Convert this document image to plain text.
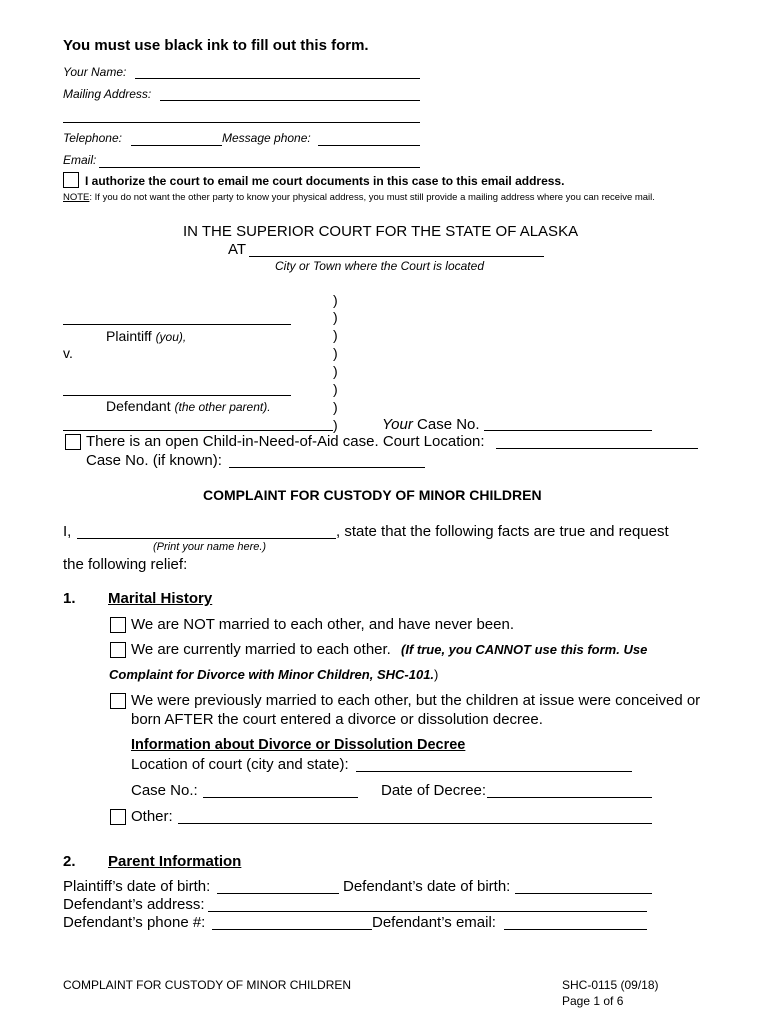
You must use black ink to fill out this form.
Your Name:
Mailing Address:
Telephone:	Message phone:
Email:
I authorize the court to email me court documents in this case to this email address.
NOTE: If you do not want the other party to know your physical address, you must still provide a mailing address where you can receive mail.
IN THE SUPERIOR COURT FOR THE STATE OF ALASKA
AT
City or Town where the Court is located
)
)
)
)
)
)
)
)
Plaintiff (you),
v.
Defendant (the other parent).
Your Case No.
There is an open Child-in-Need-of-Aid case. Court Location:
Case No. (if known):
COMPLAINT FOR CUSTODY OF MINOR CHILDREN
I,	, state that the following facts are true and request
(Print your name here.)
the following relief:
1. Marital History
We are NOT married to each other, and have never been.
We are currently married to each other. (If true, you CANNOT use this form. Use
Complaint for Divorce with Minor Children, SHC-101.)
We were previously married to each other, but the children at issue were conceived or
born AFTER the court entered a divorce or dissolution decree.
Information about Divorce or Dissolution Decree
Location of court (city and state):
Case No.:	Date of Decree:
Other:
2. Parent Information
Plaintiff’s date of birth:	Defendant’s date of birth:
Defendant’s address:
Defendant’s phone #:	Defendant’s email:
COMPLAINT FOR CUSTODY OF MINOR CHILDREN	SHC-0115 (09/18)
Page 1 of 6
